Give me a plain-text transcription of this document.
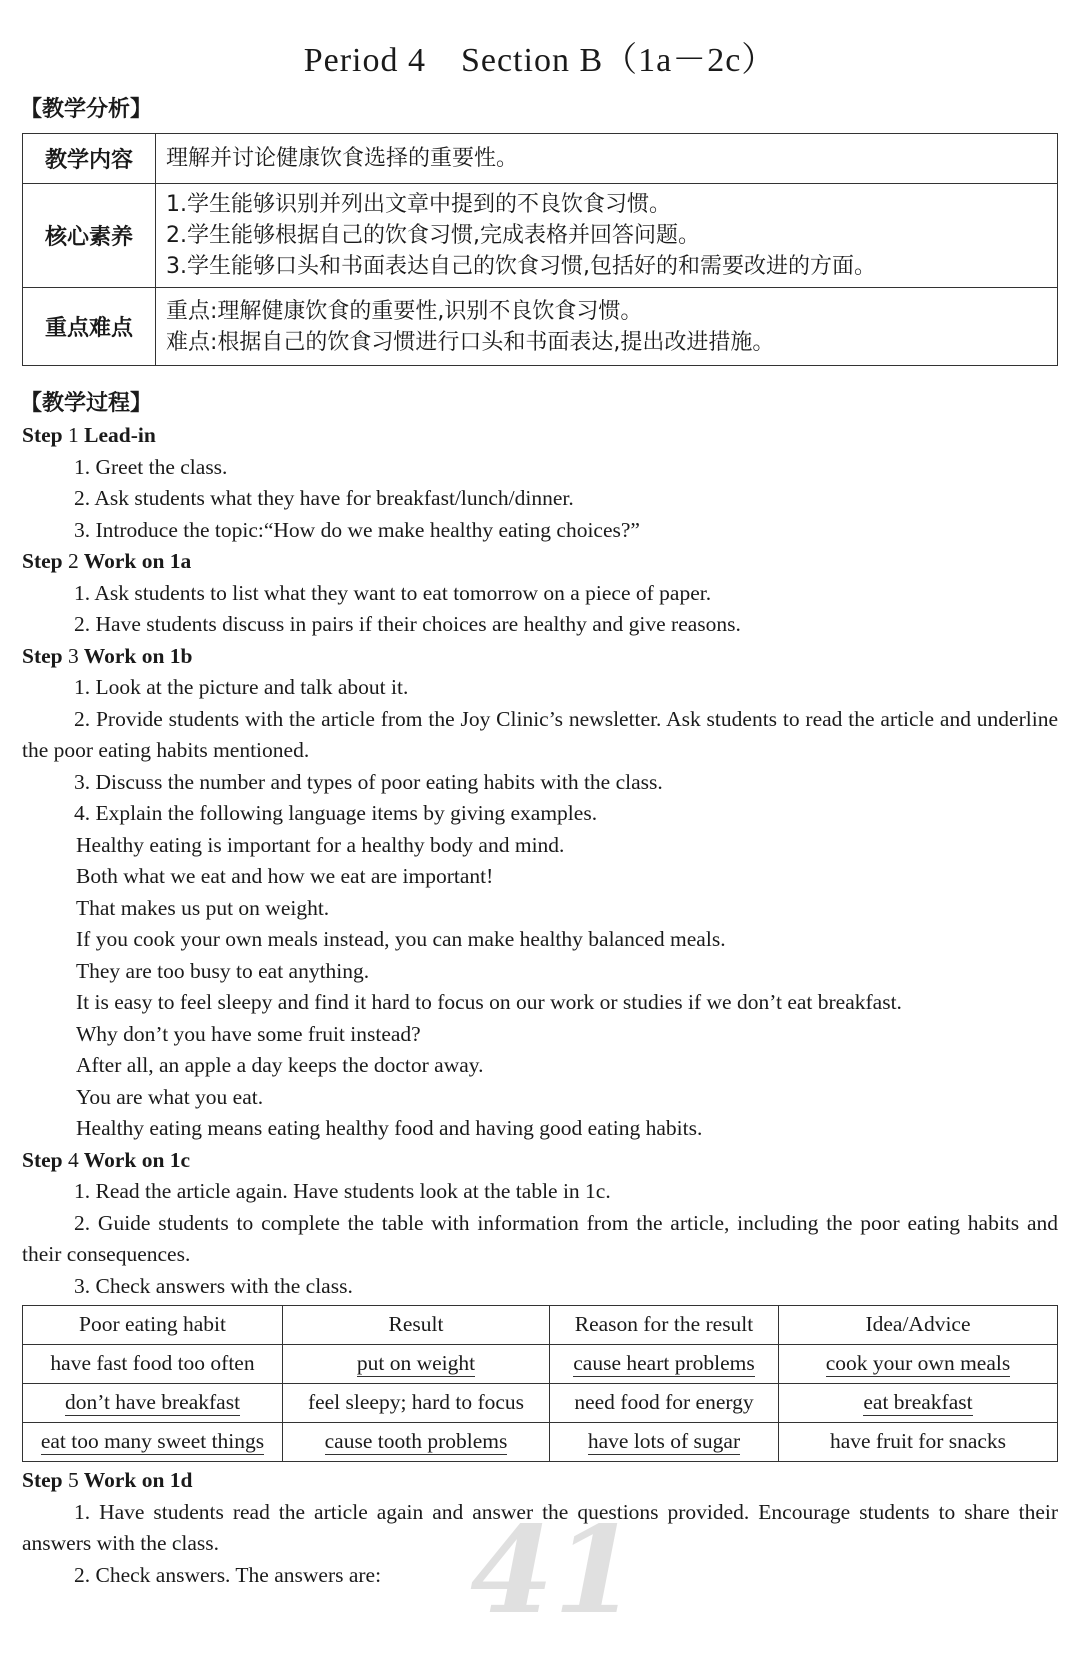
Period 4　Section B（1a－2c）
【教学分析】
教学内容	理解并讨论健康饮食选择的重要性。

核心素养	1.学生能够识别并列出文章中提到的不良饮食习惯。
2.学生能够根据自己的饮食习惯,完成表格并回答问题。
3.学生能够口头和书面表达自己的饮食习惯,包括好的和需要改进的方面。

重点难点	重点:理解健康饮食的重要性,识别不良饮食习惯。
难点:根据自己的饮食习惯进行口头和书面表达,提出改进措施。
【教学过程】

Step 1 Lead-in

1. Greet the class.

2. Ask students what they have for breakfast/lunch/dinner.

3. Introduce the topic:“How do we make healthy eating choices?”

Step 2 Work on 1a

1. Ask students to list what they want to eat tomorrow on a piece of paper.

2. Have students discuss in pairs if their choices are healthy and give reasons.

Step 3 Work on 1b

1. Look at the picture and talk about it.

2. Provide students with the article from the Joy Clinic’s newsletter. Ask students to read the article and underline the poor eating habits mentioned.

3. Discuss the number and types of poor eating habits with the class.

4. Explain the following language items by giving examples.

Healthy eating is important for a healthy body and mind.

Both what we eat and how we eat are important!

That makes us put on weight.

If you cook your own meals instead, you can make healthy balanced meals.

They are too busy to eat anything.

It is easy to feel sleepy and find it hard to focus on our work or studies if we don’t eat breakfast.

Why don’t you have some fruit instead?

After all, an apple a day keeps the doctor away.

You are what you eat.

Healthy eating means eating healthy food and having good eating habits.

Step 4 Work on 1c

1. Read the article again. Have students look at the table in 1c.

2. Guide students to complete the table with information from the article, including the poor eating habits and their consequences.

3. Check answers with the class.

Poor eating habit	Result	Reason for the result	Idea/Advice
have fast food too often	put on weight	cause heart problems	cook your own meals
don’t have breakfast	feel sleepy; hard to focus	need food for energy	eat breakfast
eat too many sweet things	cause tooth problems	have lots of sugar	have fruit for snacks

Step 5 Work on 1d

1. Have students read the article again and answer the questions provided. Encourage students to share their answers with the class.

2. Check answers. The answers are: 41
